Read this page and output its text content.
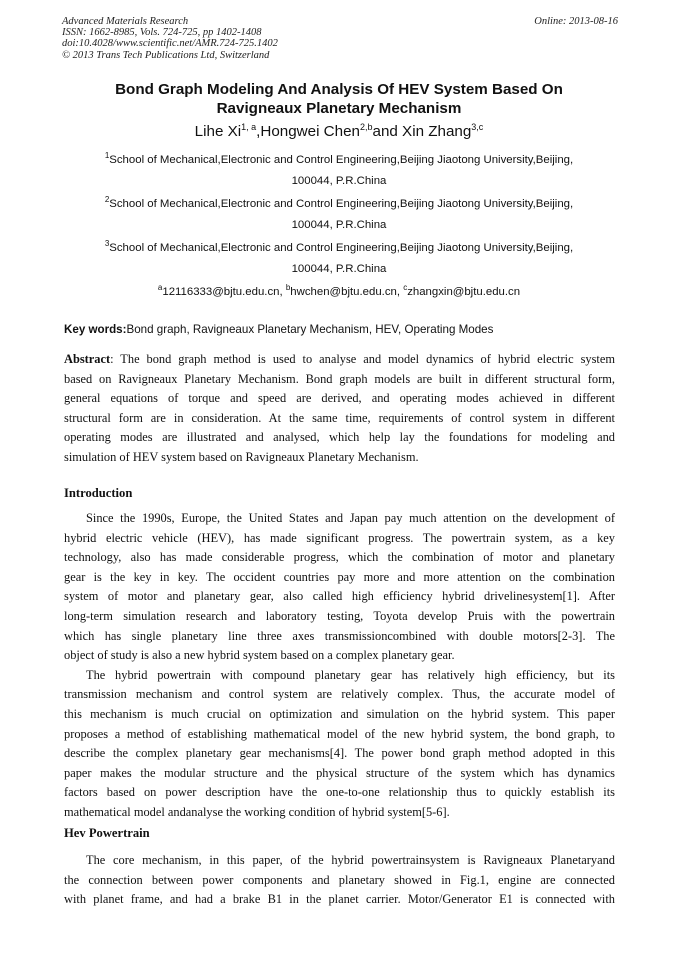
Advanced Materials Research
ISSN: 1662-8985, Vols. 724-725, pp 1402-1408
doi:10.4028/www.scientific.net/AMR.724-725.1402
© 2013 Trans Tech Publications Ltd, Switzerland
Online: 2013-08-16
Bond Graph Modeling And Analysis Of HEV System Based On
Ravigneaux Planetary Mechanism
Lihe Xi$^{1, a}$,Hongwei Chen$^{2,b}$and Xin Zhang$^{3,c}$
$^1$School of Mechanical,Electronic and Control Engineering,Beijing Jiaotong University,Beijing,
100044, P.R.China
$^2$School of Mechanical,Electronic and Control Engineering,Beijing Jiaotong University,Beijing,
100044, P.R.China
$^3$School of Mechanical,Electronic and Control Engineering,Beijing Jiaotong University,Beijing,
100044, P.R.China
$^a$12116333@bjtu.edu.cn, $^b$hwchen@bjtu.edu.cn, $^c$zhangxin@bjtu.edu.cn
Key words:Bond graph, Ravigneaux Planetary Mechanism, HEV, Operating Modes
Abstract: The bond graph method is used to analyse and model dynamics of hybrid electric system
based on Ravigneaux Planetary Mechanism. Bond graph models are built in different structural form,
general equations of torque and speed are derived, and operating modes achieved in different
structural form are in consideration. At the same time, requirements of control system in different
operating modes are illustrated and analysed, which help lay the foundations for modeling and
simulation of HEV system based on Ravigneaux Planetary Mechanism.
Introduction
Since the 1990s, Europe, the United States and Japan pay much attention on the development of
hybrid electric vehicle (HEV), has made significant progress. The powertrain system, as a key
technology, also has made considerable progress, which the combination of motor and planetary
gear is the key in key. The occident countries pay more and more attention on the combination
system of motor and planetary gear, also called high efficiency hybrid drivelinesystem[1]. After
long-term simulation research and laboratory testing, Toyota develop Pruis with the powertrain
which has single planetary line three axes transmissioncombined with double motors[2-3]. The
object of study is also a new hybrid system based on a complex planetary gear.
The hybrid powertrain with compound planetary gear has relatively high efficiency, but its
transmission mechanism and control system are relatively complex. Thus, the accurate model of
this mechanism is much crucial on optimization and simulation on the hybrid system. This paper
proposes a method of establishing mathematical model of the new hybrid system, the bond graph, to
describe the complex planetary gear mechanisms[4]. The power bond graph method adopted in this
paper makes the modular structure and the physical structure of the system which has dynamics
factors based on power description have the one-to-one relationship thus to quickly establish its
mathematical model andanalyse the working condition of hybrid system[5-6].
Hev Powertrain
The core mechanism, in this paper, of the hybrid powertrainsystem is Ravigneaux Planetaryand
the connection between power components and planetary showed in Fig.1, engine are connected
with planet frame, and had a brake B1 in the planet carrier. Motor/Generator E1 is connected with
